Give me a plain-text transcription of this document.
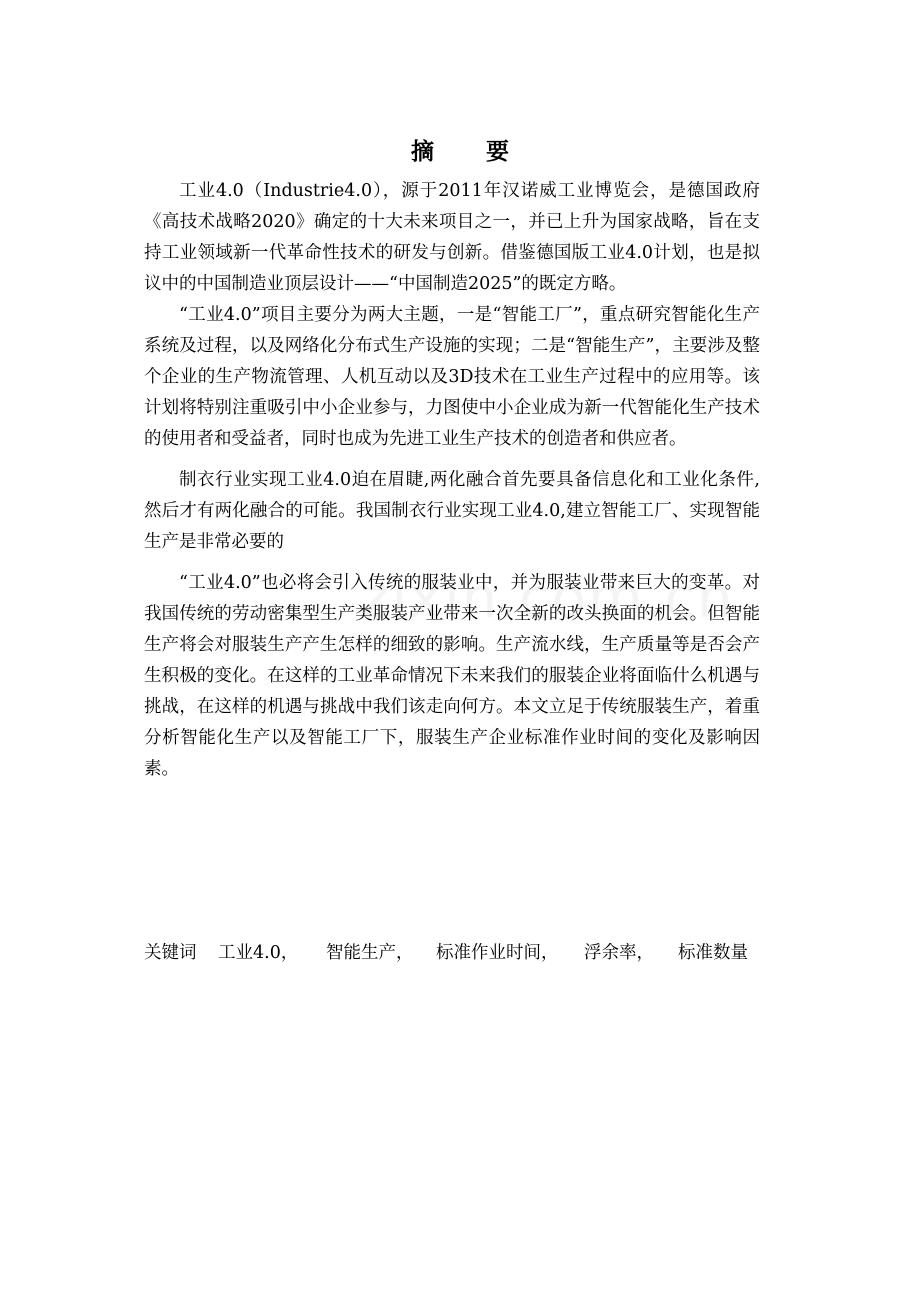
摘 要

工业4.0（Industrie4.0），源于2011年汉诺威工业博览会，是德国政府《高技术战略2020》确定的十大未来项目之一，并已上升为国家战略，旨在支持工业领域新一代革命性技术的研发与创新。借鉴德国版工业4.0计划，也是拟议中的中国制造业顶层设计——“中国制造2025”的既定方略。

“工业4.0”项目主要分为两大主题，一是“智能工厂”，重点研究智能化生产系统及过程，以及网络化分布式生产设施的实现；二是“智能生产”，主要涉及整个企业的生产物流管理、人机互动以及3D技术在工业生产过程中的应用等。该计划将特别注重吸引中小企业参与，力图使中小企业成为新一代智能化生产技术的使用者和受益者，同时也成为先进工业生产技术的创造者和供应者。

制衣行业实现工业4.0迫在眉睫,两化融合首先要具备信息化和工业化条件,然后才有两化融合的可能。我国制衣行业实现工业4.0,建立智能工厂、实现智能生产是非常必要的

“工业4.0”也必将会引入传统的服装业中，并为服装业带来巨大的变革。对我国传统的劳动密集型生产类服装产业带来一次全新的改头换面的机会。但智能生产将会对服装生产产生怎样的细致的影响。生产流水线，生产质量等是否会产生积极的变化。在这样的工业革命情况下未来我们的服装企业将面临什么机遇与挑战，在这样的机遇与挑战中我们该走向何方。本文立足于传统服装生产，着重分析智能化生产以及智能工厂下，服装生产企业标准作业时间的变化及影响因素。

关键词 工业4.0， 智能生产， 标准作业时间， 浮余率， 标准数量
